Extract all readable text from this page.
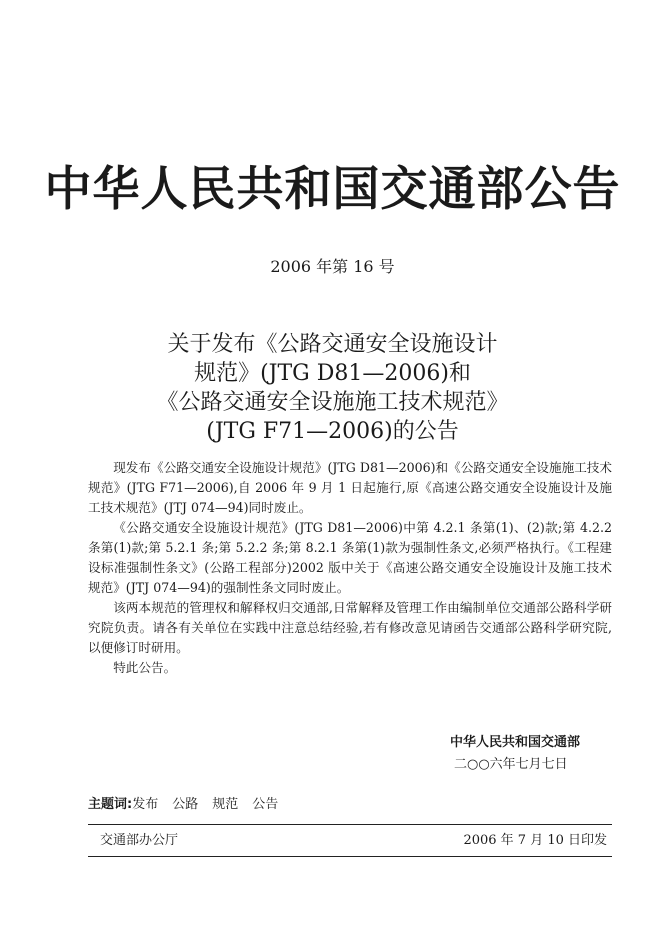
中华人民共和国交通部公告
2006 年第 16 号
关于发布《公路交通安全设施设计
规范》(JTG D81—2006)和
《公路交通安全设施施工技术规范》
(JTG F71—2006)的公告

现发布《公路交通安全设施设计规范》(JTG D81—2006)和《公路交通安全设施施工技术规范》(JTG F71—2006),自 2006 年 9 月 1 日起施行,原《高速公路交通安全设施设计及施工技术规范》(JTJ 074—94)同时废止。

《公路交通安全设施设计规范》(JTG D81—2006)中第 4.2.1 条第(1)、(2)款;第 4.2.2 条第(1)款;第 5.2.1 条;第 5.2.2 条;第 8.2.1 条第(1)款为强制性条文,必须严格执行。《工程建设标准强制性条文》(公路工程部分)2002 版中关于《高速公路交通安全设施设计及施工技术规范》(JTJ 074—94)的强制性条文同时废止。

该两本规范的管理权和解释权归交通部,日常解释及管理工作由编制单位交通部公路科学研究院负责。请各有关单位在实践中注意总结经验,若有修改意见请函告交通部公路科学研究院,以便修订时研用。

特此公告。

中华人民共和国交通部
二○○六年七月七日
主题词:发布 公路 规范 公告
交通部办公厅	2006 年 7 月 10 日印发
